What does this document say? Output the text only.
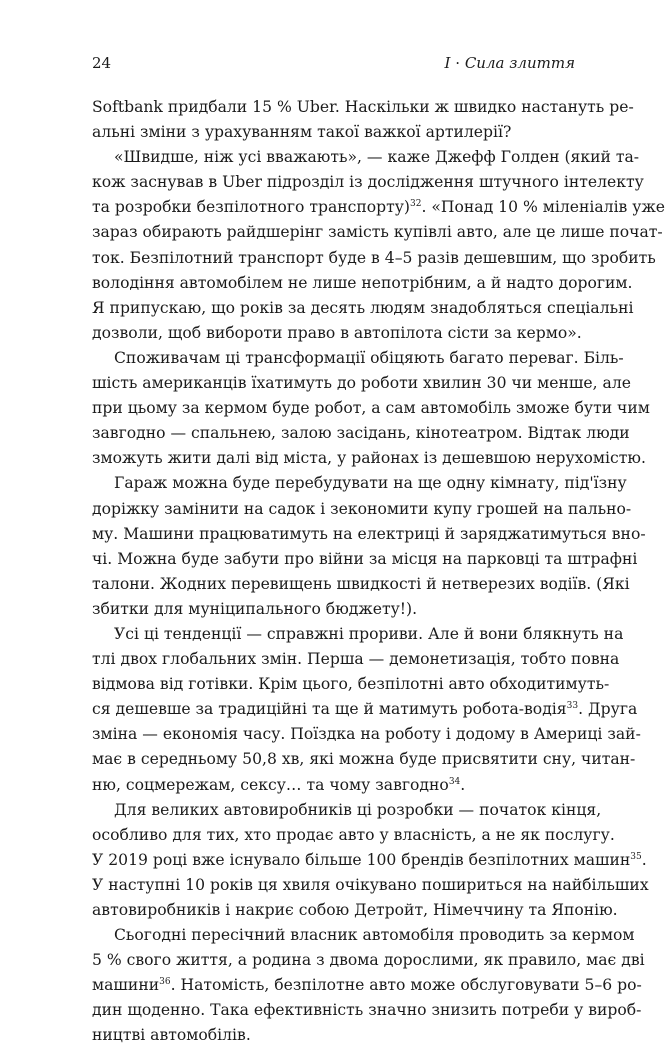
24	I · Сила злиття
Softbank придбали 15 % Uber. Наскільки ж швидко настануть ре-
альні зміни з урахуванням такої важкої артилерії?
«Швидше, ніж усі вважають», — каже Джефф Голден (який та-
кож заснував в Uber підрозділ із дослідження штучного інтелекту
та розробки безпілотного транспорту)$^{32}$. «Понад 10 % міленіалів уже
зараз обирають райдшерінг замість купівлі авто, але це лише почат-
ток. Безпілотний транспорт буде в 4–5 разів дешевшим, що зробить
володіння автомобілем не лише непотрібним, а й надто дорогим.
Я припускаю, що років за десять людям знадобляться спеціальні
дозволи, щоб вибороти право в автопілота сісти за кермо».
Споживачам ці трансформації обіцяють багато переваг. Біль-
шість американців їхатимуть до роботи хвилин 30 чи менше, але
при цьому за кермом буде робот, а сам автомобіль зможе бути чим
завгодно — спальнею, залою засідань, кінотеатром. Відтак люди
зможуть жити далі від міста, у районах із дешевшою нерухомістю.
Гараж можна буде перебудувати на ще одну кімнату, під'їзну
доріжку замінити на садок і зекономити купу грошей на пально-
му. Машини працюватимуть на електриці й заряджатимуться вно-
чі. Можна буде забути про війни за місця на парковці та штрафні
талони. Жодних перевищень швидкості й нетверезих водіїв. (Які
збитки для муніципального бюджету!).
Усі ці тенденції — справжні прориви. Але й вони блякнуть на
тлі двох глобальних змін. Перша — демонетизація, тобто повна
відмова від готівки. Крім цього, безпілотні авто обходитимуть-
ся дешевше за традиційні та ще й матимуть робота-водія$^{33}$. Друга
зміна — економія часу. Поїздка на роботу і додому в Америці зай-
має в середньому 50,8 хв, які можна буде присвятити сну, читан-
ню, соцмережам, сексу… та чому завгодно$^{34}$.
Для великих автовиробників ці розробки — початок кінця,
особливо для тих, хто продає авто у власність, а не як послугу.
У 2019 році вже існувало більше 100 брендів безпілотних машин$^{35}$.
У наступні 10 років ця хвиля очікувано пошириться на найбільших
автовиробників і накриє собою Детройт, Німеччину та Японію.
Сьогодні пересічний власник автомобіля проводить за кермом
5 % свого життя, а родина з двома дорослими, як правило, має дві
машини$^{36}$. Натомість, безпілотне авто може обслуговувати 5–6 ро-
дин щоденно. Така ефективність значно знизить потреби у вироб-
ництві автомобілів.
